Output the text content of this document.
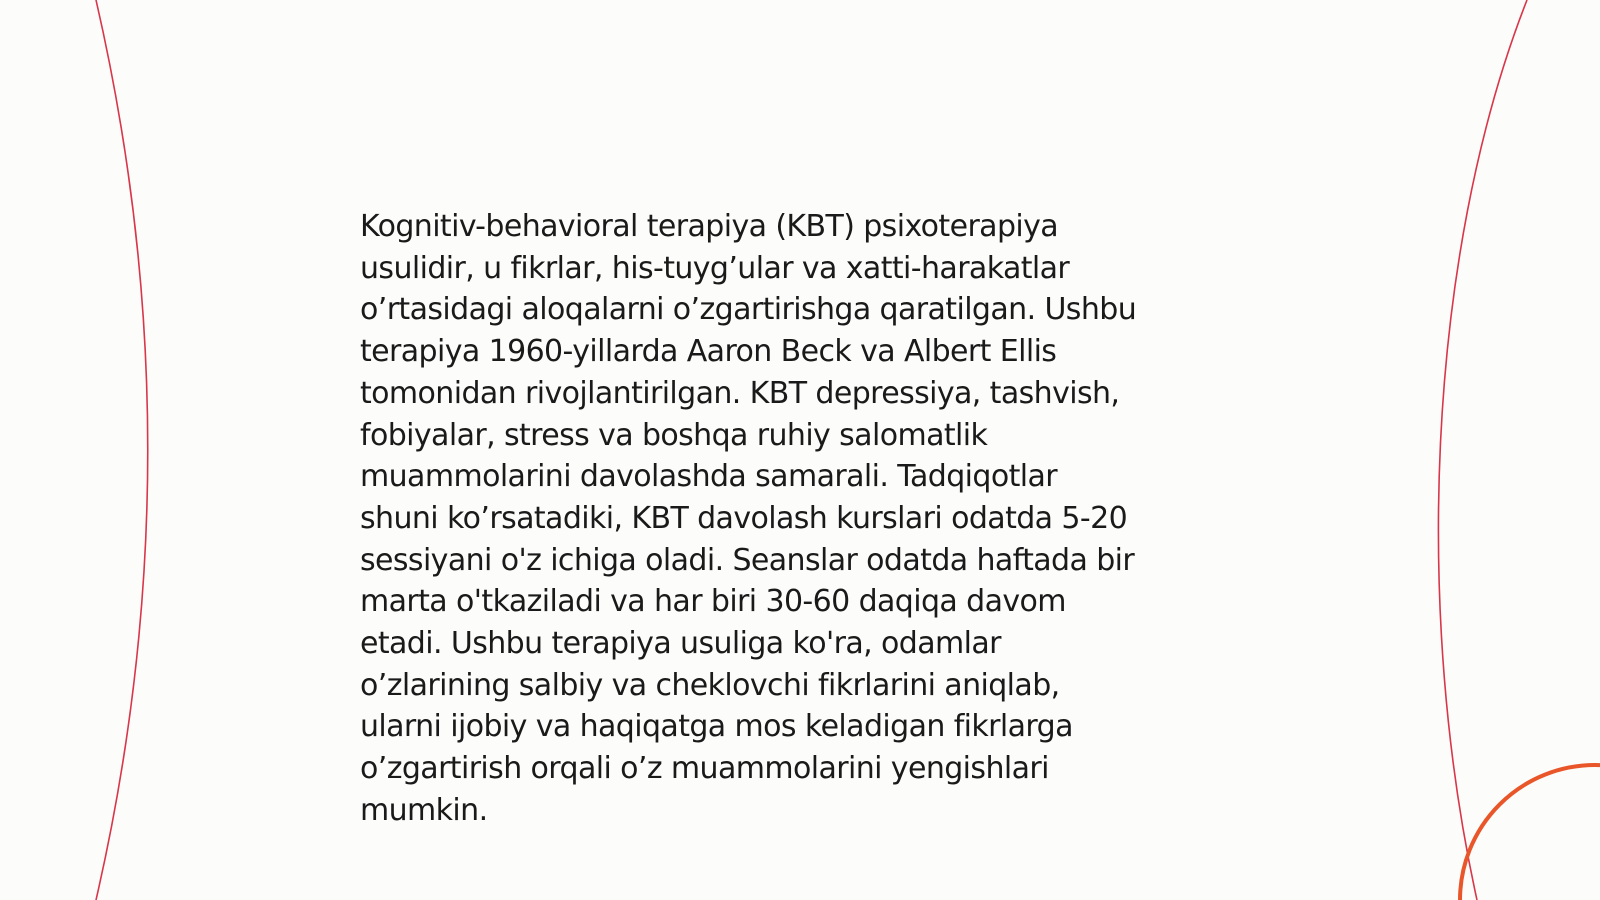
Kognitiv-behavioral terapiya (KBT) psixoterapiya
usulidir, u fikrlar, his-tuyg’ular va xatti-harakatlar
o’rtasidagi aloqalarni o’zgartirishga qaratilgan. Ushbu
terapiya 1960-yillarda Aaron Beck va Albert Ellis
tomonidan rivojlantirilgan. KBT depressiya, tashvish,
fobiyalar, stress va boshqa ruhiy salomatlik
muammolarini davolashda samarali. Tadqiqotlar
shuni ko’rsatadiki, KBT davolash kurslari odatda 5-20
sessiyani o'z ichiga oladi. Seanslar odatda haftada bir
marta o'tkaziladi va har biri 30-60 daqiqa davom
etadi. Ushbu terapiya usuliga ko'ra, odamlar
o’zlarining salbiy va cheklovchi fikrlarini aniqlab,
ularni ijobiy va haqiqatga mos keladigan fikrlarga
o’zgartirish orqali o’z muammolarini yengishlari
mumkin.
